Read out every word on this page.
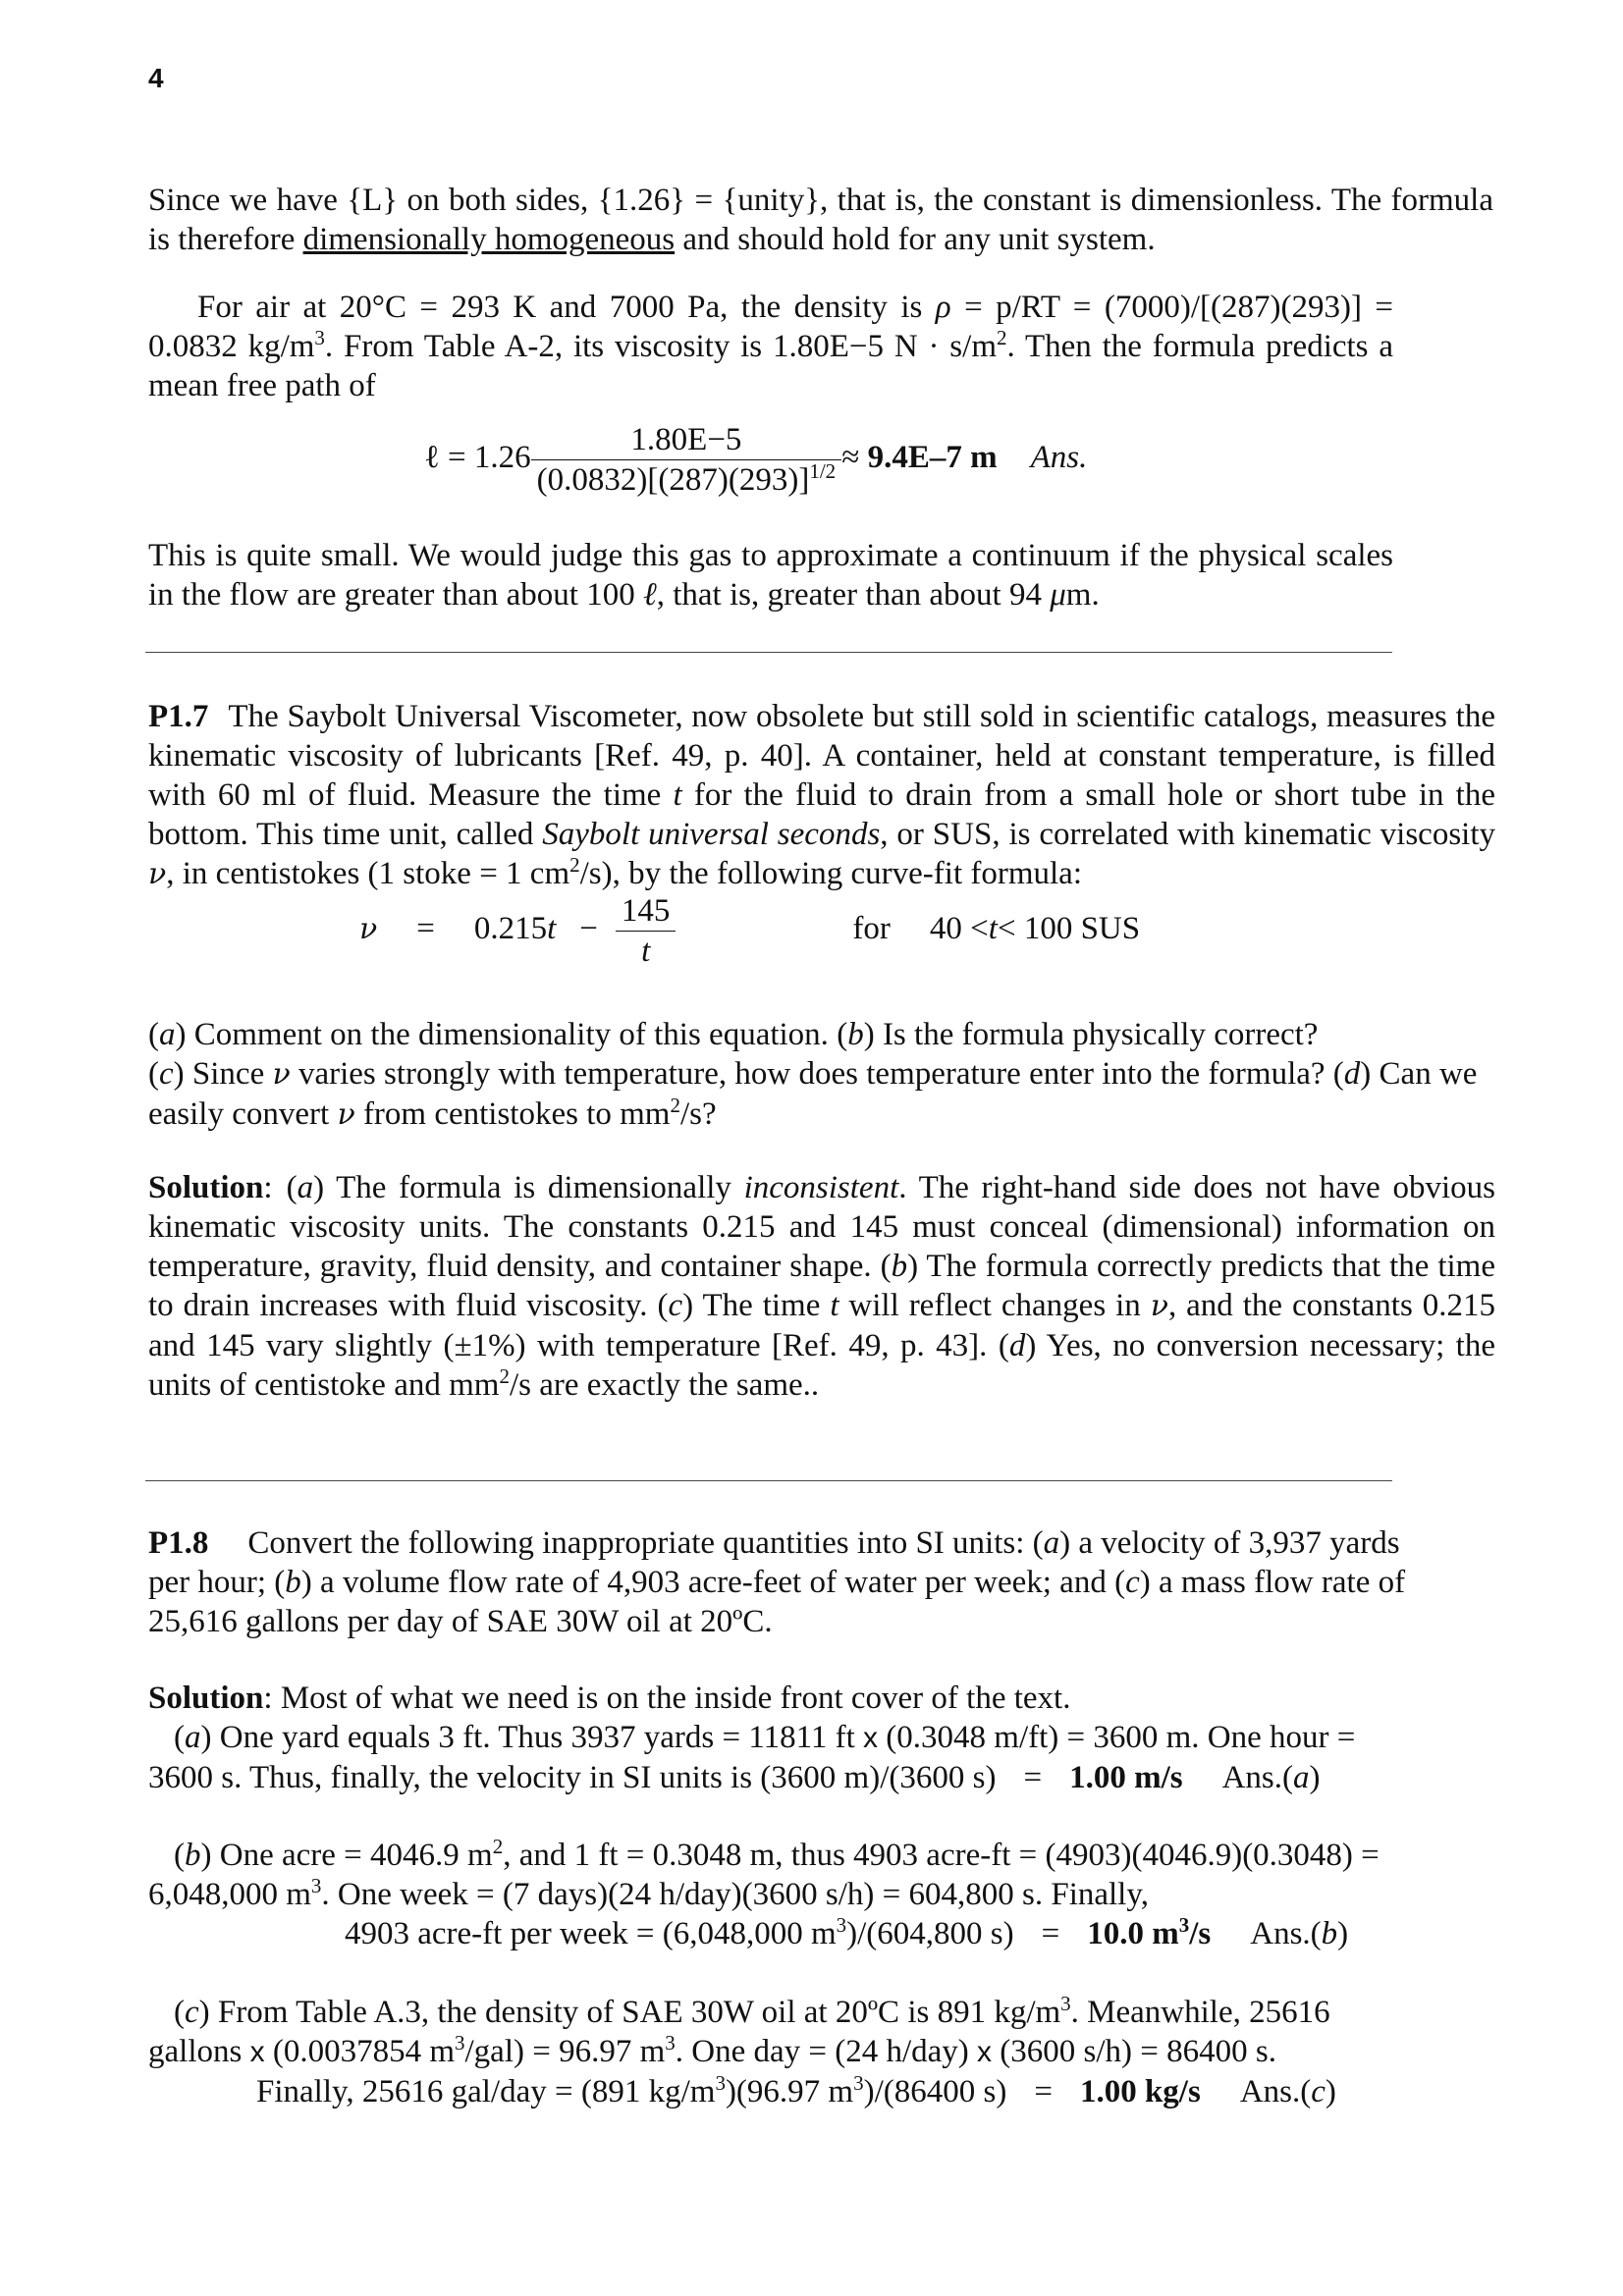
4
Since we have {L} on both sides, {1.26} = {unity}, that is, the constant is dimensionless. The formula is therefore dimensionally homogeneous and should hold for any unit system.
For air at 20°C = 293 K and 7000 Pa, the density is ρ = p/RT = (7000)/[(287)(293)] = 0.0832 $kg/m^3$. From Table A-2, its viscosity is 1.80E−5 $N \cdot s/m^2$. Then the formula predicts a mean free path of
ℓ = $1.26 \frac{1.80E-5}{(0.0832)[(287)(293)]^{1/2}} \approx 9.4E-7$ m Ans.
This is quite small. We would judge this gas to approximate a continuum if the physical scales in the flow are greater than about 100 ℓ, that is, greater than about 94 μm.
P1.7 The Saybolt Universal Viscometer, now obsolete but still sold in scientific catalogs, measures the kinematic viscosity of lubricants [Ref. 49, p. 40]. A container, held at constant temperature, is filled with 60 ml of fluid. Measure the time t for the fluid to drain from a small hole or short tube in the bottom. This time unit, called Saybolt universal seconds, or SUS, is correlated with kinematic viscosity ν, in centistokes (1 stoke = 1 $cm^2/s$), by the following curve-fit formula:
$\nu = 0.215t - \frac{145}{t}$	for 40 <t< 100 SUS
(a) Comment on the dimensionality of this equation. (b) Is the formula physically correct?
(c) Since ν varies strongly with temperature, how does temperature enter into the formula? (d) Can we easily convert ν from centistokes to $mm^2/s$?
Solution: (a) The formula is dimensionally inconsistent. The right-hand side does not have obvious kinematic viscosity units. The constants 0.215 and 145 must conceal (dimensional) information on temperature, gravity, fluid density, and container shape. (b) The formula correctly predicts that the time to drain increases with fluid viscosity. (c) The time t will reflect changes in ν, and the constants 0.215 and 145 vary slightly (±1%) with temperature [Ref. 49, p. 43]. (d) Yes, no conversion necessary; the units of centistoke and $mm^2/s$ are exactly the same..
P1.8 Convert the following inappropriate quantities into SI units: (a) a velocity of 3,937 yards per hour; (b) a volume flow rate of 4,903 acre-feet of water per week; and (c) a mass flow rate of 25,616 gallons per day of SAE 30W oil at 20ºC.
Solution: Most of what we need is on the inside front cover of the text.
(a) One yard equals 3 ft. Thus 3937 yards = 11811 ft x (0.3048 m/ft) = 3600 m. One hour =
3600 s. Thus, finally, the velocity in SI units is (3600 m)/(3600 s) = 1.00 m/s Ans.(a)
(b) One acre = 4046.9 $m^2$, and 1 ft = 0.3048 m, thus 4903 acre-ft = (4903)(4046.9)(0.3048) =
6,048,000 $m^3$. One week = (7 days)(24 h/day)(3600 s/h) = 604,800 s. Finally,
4903 acre-ft per week = (6,048,000 $m^3)/(604,800$ s) = 10.0 $m^3/s$ Ans.(b)
(c) From Table A.3, the density of SAE 30W oil at 20ºC is 891 $kg/m^3$. Meanwhile, 25616
gallons x (0.0037854 $m^3/gal) = 96.97$ $m^3$. One day = (24 h/day) x (3600 s/h) = 86400 s.
Finally, 25616 gal/day = (891 $kg/m^3)(96.97$ $m^3)/(86400$ s) = 1.00 kg/s Ans.(c)
